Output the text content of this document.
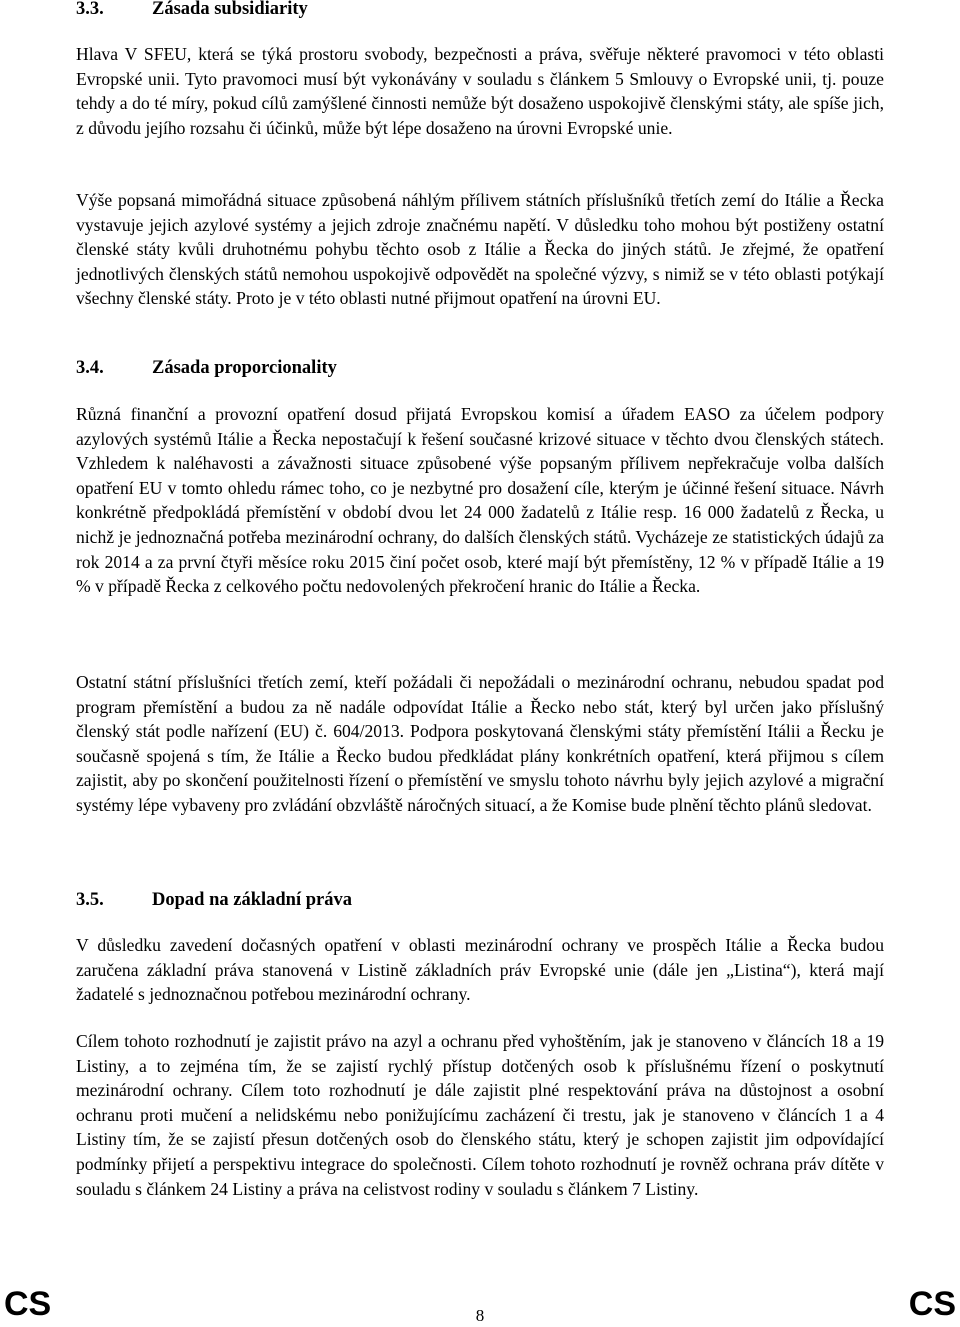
3.3.	Zásada subsidiarity

Hlava V SFEU, která se týká prostoru svobody, bezpečnosti a práva, svěřuje některé pravomoci v této oblasti Evropské unii. Tyto pravomoci musí být vykonávány v souladu s článkem 5 Smlouvy o Evropské unii, tj. pouze tehdy a do té míry, pokud cílů zamýšlené činnosti nemůže být dosaženo uspokojivě členskými státy, ale spíše jich, z důvodu jejího rozsahu či účinků, může být lépe dosaženo na úrovni Evropské unie.

Výše popsaná mimořádná situace způsobená náhlým přílivem státních příslušníků třetích zemí do Itálie a Řecka vystavuje jejich azylové systémy a jejich zdroje značnému napětí. V důsledku toho mohou být postiženy ostatní členské státy kvůli druhotnému pohybu těchto osob z Itálie a Řecka do jiných států. Je zřejmé, že opatření jednotlivých členských států nemohou uspokojivě odpovědět na společné výzvy, s nimiž se v této oblasti potýkají všechny členské státy. Proto je v této oblasti nutné přijmout opatření na úrovni EU.

3.4.	Zásada proporcionality

Různá finanční a provozní opatření dosud přijatá Evropskou komisí a úřadem EASO za účelem podpory azylových systémů Itálie a Řecka nepostačují k řešení současné krizové situace v těchto dvou členských státech. Vzhledem k naléhavosti a závažnosti situace způsobené výše popsaným přílivem nepřekračuje volba dalších opatření EU v tomto ohledu rámec toho, co je nezbytné pro dosažení cíle, kterým je účinné řešení situace. Návrh konkrétně předpokládá přemístění v období dvou let 24 000 žadatelů z Itálie resp. 16 000 žadatelů z Řecka, u nichž je jednoznačná potřeba mezinárodní ochrany, do dalších členských států. Vycházeje ze statistických údajů za rok 2014 a za první čtyři měsíce roku 2015 činí počet osob, které mají být přemístěny, 12 % v případě Itálie a 19 % v případě Řecka z celkového počtu nedovolených překročení hranic do Itálie a Řecka.

Ostatní státní příslušníci třetích zemí, kteří požádali či nepožádali o mezinárodní ochranu, nebudou spadat pod program přemístění a budou za ně nadále odpovídat Itálie a Řecko nebo stát, který byl určen jako příslušný členský stát podle nařízení (EU) č. 604/2013. Podpora poskytovaná členskými státy přemístění Itálii a Řecku je současně spojená s tím, že Itálie a Řecko budou předkládat plány konkrétních opatření, která přijmou s cílem zajistit, aby po skončení použitelnosti řízení o přemístění ve smyslu tohoto návrhu byly jejich azylové a migrační systémy lépe vybaveny pro zvládání obzvláště náročných situací, a že Komise bude plnění těchto plánů sledovat.

3.5.	Dopad na základní práva

V důsledku zavedení dočasných opatření v oblasti mezinárodní ochrany ve prospěch Itálie a Řecka budou zaručena základní práva stanovená v Listině základních práv Evropské unie (dále jen „Listina“), která mají žadatelé s jednoznačnou potřebou mezinárodní ochrany.

Cílem tohoto rozhodnutí je zajistit právo na azyl a ochranu před vyhoštěním, jak je stanoveno v článcích 18 a 19 Listiny, a to zejména tím, že se zajistí rychlý přístup dotčených osob k příslušnému řízení o poskytnutí mezinárodní ochrany. Cílem toto rozhodnutí je dále zajistit plné respektování práva na důstojnost a osobní ochranu proti mučení a nelidskému nebo ponižujícímu zacházení či trestu, jak je stanoveno v článcích 1 a 4 Listiny tím, že se zajistí přesun dotčených osob do členského státu, který je schopen zajistit jim odpovídající podmínky přijetí a perspektivu integrace do společnosti. Cílem tohoto rozhodnutí je rovněž ochrana práv dítěte v souladu s článkem 24 Listiny a práva na celistvost rodiny v souladu s článkem 7 Listiny.

CS	8	CS
